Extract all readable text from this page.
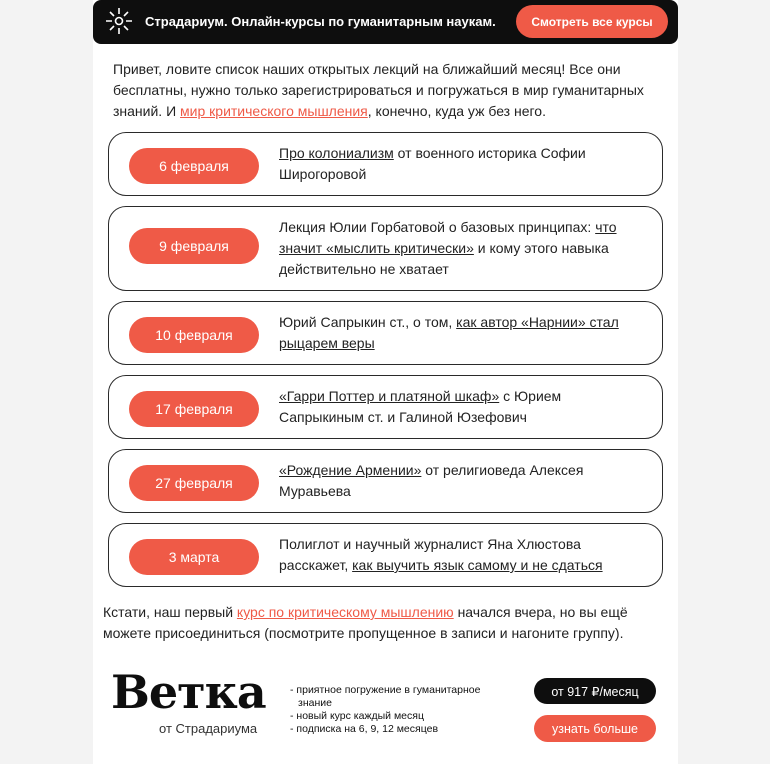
Страдариум. Онлайн-курсы по гуманитарным наукам.	Смотреть все курсы
Привет, ловите список наших открытых лекций на ближайший месяц! Все они бесплатны, нужно только зарегистрироваться и погружаться в мир гуманитарных знаний. И мир критического мышления, конечно, куда уж без него.
6 февраля
Про колониализм от военного историка Софии Широгоровой
9 февраля
Лекция Юлии Горбатовой о базовых принципах: что значит «мыслить критически» и кому этого навыка действительно не хватает
10 февраля
Юрий Сапрыкин ст., о том, как автор «Нарнии» стал рыцарем веры
17 февраля
«Гарри Поттер и платяной шкаф» с Юрием Сапрыкиным ст. и Галиной Юзефович
27 февраля
«Рождение Армении» от религиоведа Алексея Муравьева
3 марта
Полиглот и научный журналист Яна Хлюстова расскажет, как выучить язык самому и не сдаться
Кстати, наш первый курс по критическому мышлению начался вчера, но вы ещё можете присоединиться (посмотрите пропущенное в записи и нагоните группу).
Ветка
от Страдариума
- приятное погружение в гуманитарное знание
- новый курс каждый месяц
- подписка на 6, 9, 12 месяцев
от 917 ₽/месяц
узнать больше
